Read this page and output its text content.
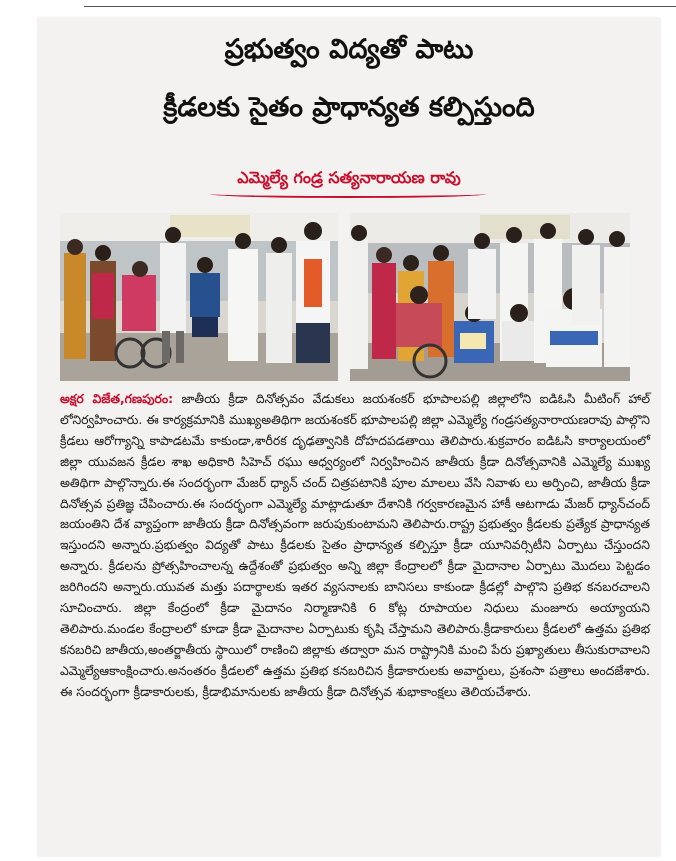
ప్రభుత్వం విద్యతో పాటు
క్రీడలకు సైతం ప్రాధాన్యత కల్పిస్తుంది
ఎమ్మెల్యే గండ్ర సత్యనారాయణ రావు
అక్షర విజేత,గణపురం: జాతీయ క్రీడా దినోత్సవం వేడుకలు జయశంకర్ భూపాలపల్లి జిల్లాలోని ఐడిఓసి మీటింగ్ హాల్ లోనిర్వహించారు. ఈ కార్యక్రమానికి ముఖ్యఅతిథిగా జయశంకర్ భూపాలపల్లి జిల్లా ఎమ్మెల్యే గండ్రసత్యనారాయణరావు పాల్గొని క్రీడలు ఆరోగ్యాన్ని కాపాడటమే కాకుండా,శారీరక దృఢత్వానికి దోహదపడతాయి తెలిపారు.శుక్రవారం ఐడిఓసి కార్యాలయంలో జిల్లా యువజన క్రీడల శాఖ అధికారి సిహెచ్ రఘు ఆధ్వర్యంలో నిర్వహించిన జాతీయ క్రీడా దినోత్సవానికి ఎమ్మెల్యే ముఖ్య అతిథిగా పాల్గొన్నారు.ఈ సందర్భంగా మేజర్ ధ్యాన్ చంద్ చిత్రపటానికి పూల మాలలు వేసి నివాళు లు అర్పించి, జాతీయ క్రీడా దినోత్సవ ప్రతిజ్ఞ చేపించారు.ఈ సందర్భంగా ఎమ్మెల్యే మాట్లాడుతూ దేశానికి గర్వకారణమైన హాకీ ఆటగాడు మేజర్ ధ్యాన్‌చంద్ జయంతిని దేశ వ్యాప్తంగా జాతీయ క్రీడా దినోత్సవంగా జరుపుకుంటామని తెలిపారు.రాష్ట్ర ప్రభుత్వం క్రీడలకు ప్రత్యేక ప్రాధాన్యత ఇస్తుందని అన్నారు.ప్రభుత్వం విద్యతో పాటు క్రీడలకు సైతం ప్రాధాన్యత కల్పిస్తూ క్రీడా యూనివర్సిటీని ఏర్పాటు చేస్తుందని అన్నారు. క్రీడలను ప్రోత్సహించాలన్న ఉద్దేశంతో ప్రభుత్వం అన్ని జిల్లా కేంద్రాలలో క్రీడా మైదానాల ఏర్పాటు మొదలు పెట్టడం జరిగిందని అన్నారు.యువత మత్తు పదార్థాలకు ఇతర వ్యసనాలకు బానిసలు కాకుండా క్రీడల్లో పాల్గొని ప్రతిభ కనబరచాలని సూచించారు. జిల్లా కేంద్రంలో క్రీడా మైదానం నిర్మాణానికి 6 కోట్ల రూపాయల నిధులు మంజూరు అయ్యాయని తెలిపారు.మండల కేంద్రాలలో కూడా క్రీడా మైదానాల ఏర్పాటుకు కృషి చేస్తామని తెలిపారు.క్రీడాకారులు క్రీడలలో ఉత్తమ ప్రతిభ కనబరిచి జాతీయ,అంతర్జాతీయ స్థాయిలో రాణించి జిల్లాకు తద్వారా మన రాష్ట్రానికి మంచి పేరు ప్రఖ్యాతులు తీసుకురావాలని ఎమ్మెల్యేఆకాంక్షించారు.అనంతరం క్రీడలలో ఉత్తమ ప్రతిభ కనబరిచిన క్రీడాకారులకు అవార్డులు, ప్రశంసా పత్రాలు అందజేశారు. ఈ సందర్భంగా క్రీడాకారులకు, క్రీడాభిమానులకు జాతీయ క్రీడా దినోత్సవ శుభాకాంక్షలు తెలియచేశారు.
